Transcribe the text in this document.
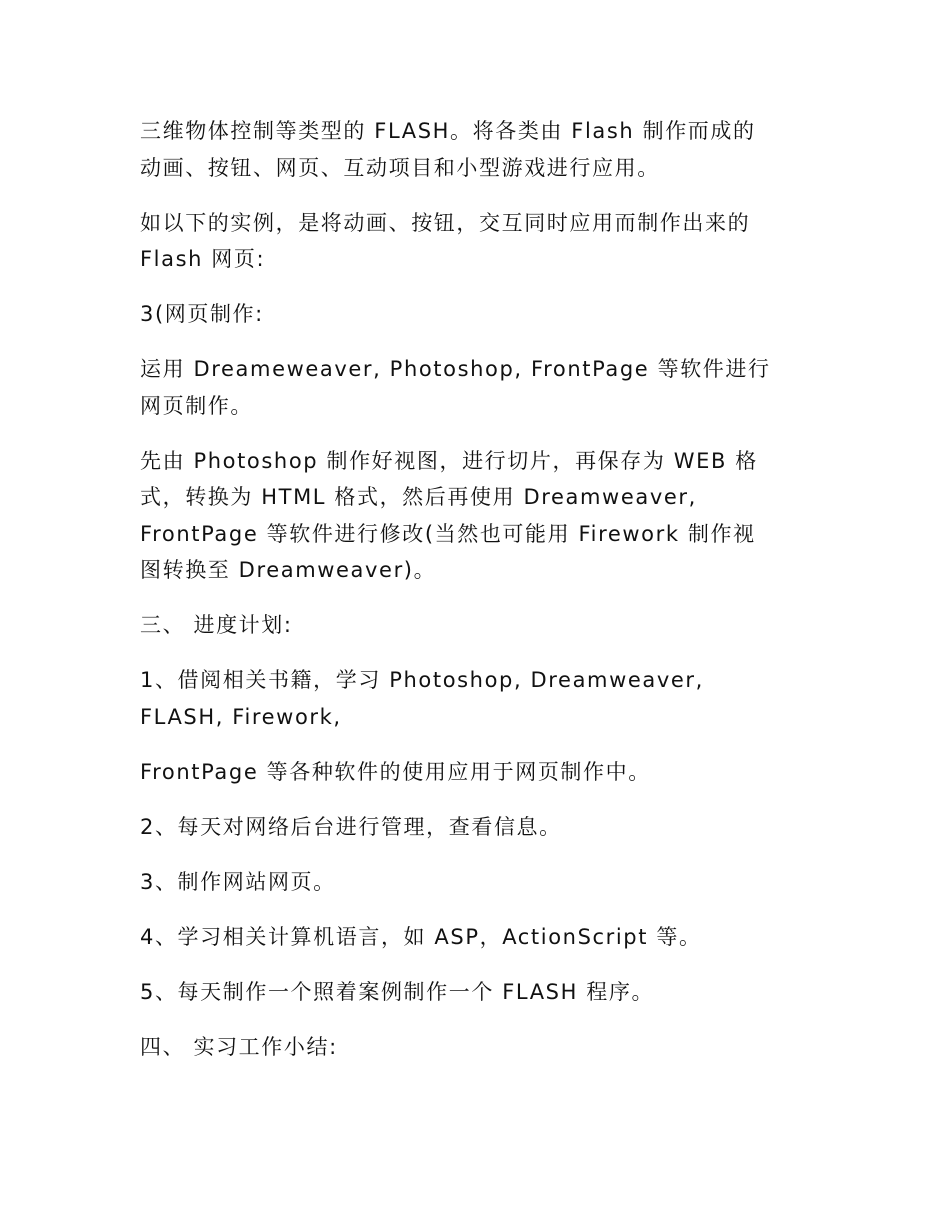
三维物体控制等类型的 FLASH。将各类由 Flash 制作而成的
动画、按钮、网页、互动项目和小型游戏进行应用。

如以下的实例，是将动画、按钮，交互同时应用而制作出来的
Flash 网页:

3(网页制作:

运用 Dreameweaver, Photoshop, FrontPage 等软件进行
网页制作。

先由 Photoshop 制作好视图，进行切片，再保存为 WEB 格
式，转换为 HTML 格式，然后再使用 Dreamweaver,
FrontPage 等软件进行修改(当然也可能用 Firework 制作视
图转换至 Dreamweaver)。

三、 进度计划:

1、借阅相关书籍，学习 Photoshop, Dreamweaver,
FLASH, Firework,

FrontPage 等各种软件的使用应用于网页制作中。

2、每天对网络后台进行管理，查看信息。

3、制作网站网页。

4、学习相关计算机语言，如 ASP，ActionScript 等。

5、每天制作一个照着案例制作一个 FLASH 程序。

四、 实习工作小结:
